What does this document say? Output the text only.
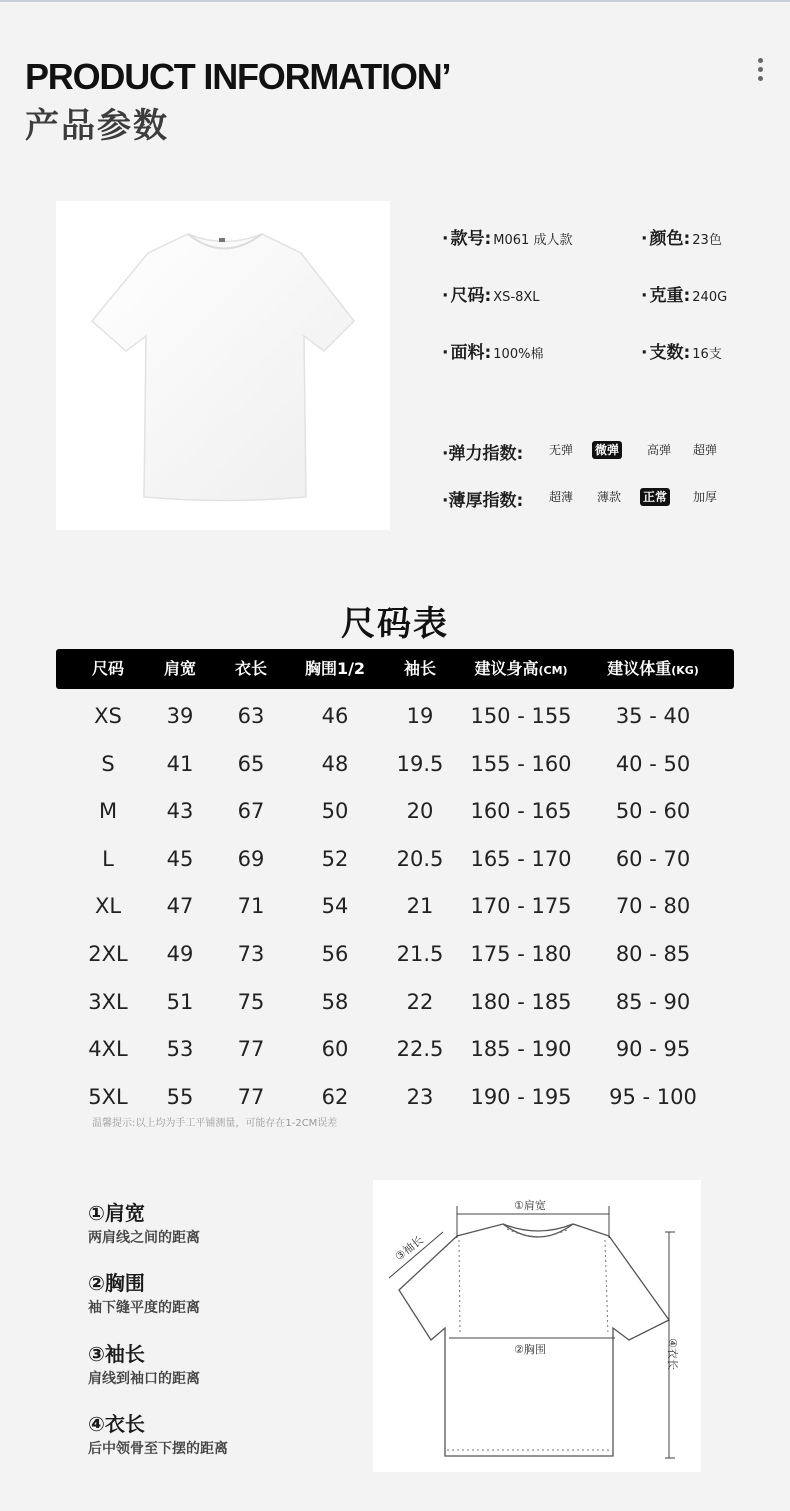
PRODUCT INFORMATION’
产品参数
· 款号: M061 成人款	· 颜色: 23色
· 尺码: XS-8XL	· 克重: 240G
· 面料: 100%棉	· 支数: 16支
·弹力指数: 无弹 微弹 高弹 超弹
·薄厚指数: 超薄 薄款 正常 加厚
尺码表
尺码 肩宽 衣长 胸围1/2 袖长 建议身高(CM) 建议体重(KG)
XS 39 63	46	19 150 - 155 35 - 40
S 41 65	48 19.5 155 - 160 40 - 50
M 43 67	50	20 160 - 165 50 - 60
L	45 69	52 20.5 165 - 170 60 - 70
XL 47 71	54	21 170 - 175 70 - 80
2XL 49 73	56 21.5 175 - 180 80 - 85
3XL 51 75	58	22 180 - 185 85 - 90
4XL 53 77	60 22.5 185 - 190 90 - 95
5XL 55 77	62	23 190 - 195 95 - 100
温馨提示:以上均为手工平铺测量，可能存在1-2CM误差
①肩宽
两肩线之间的距离
②胸围
袖下缝平度的距离
③袖长
肩线到袖口的距离
④衣长
后中领骨至下摆的距离
①肩宽
②胸围
③袖长
④衣长
